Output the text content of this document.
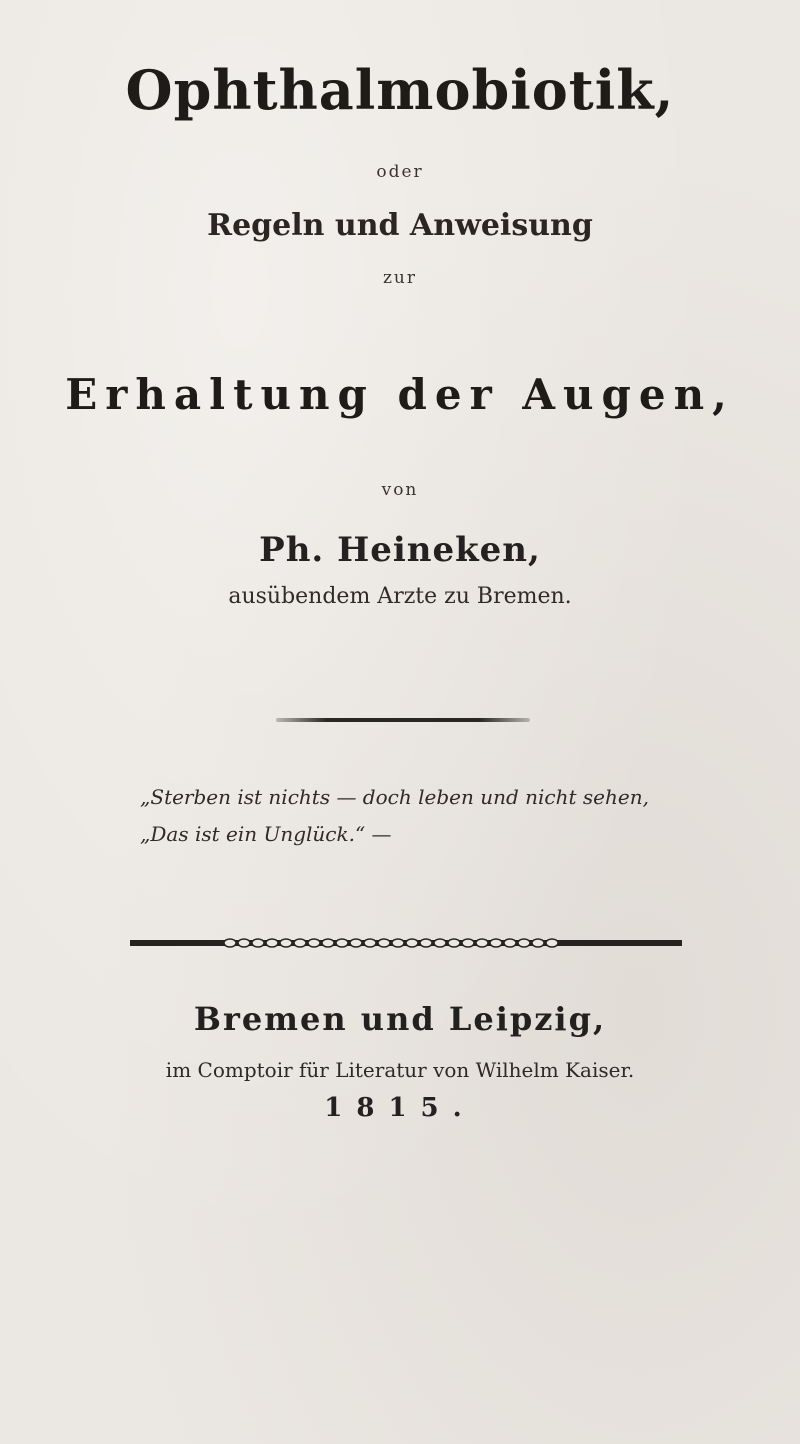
Ophthalmobiotik,
oder
Regeln und Anweisung
zur
Erhaltung der Augen,
von
Ph. Heineken,
ausübendem Arzte zu Bremen.
„Sterben ist nichts — doch leben und nicht sehen,
„Das ist ein Unglück.“ —
Bremen und Leipzig,
im Comptoir für Literatur von Wilhelm Kaiser.
1815.
